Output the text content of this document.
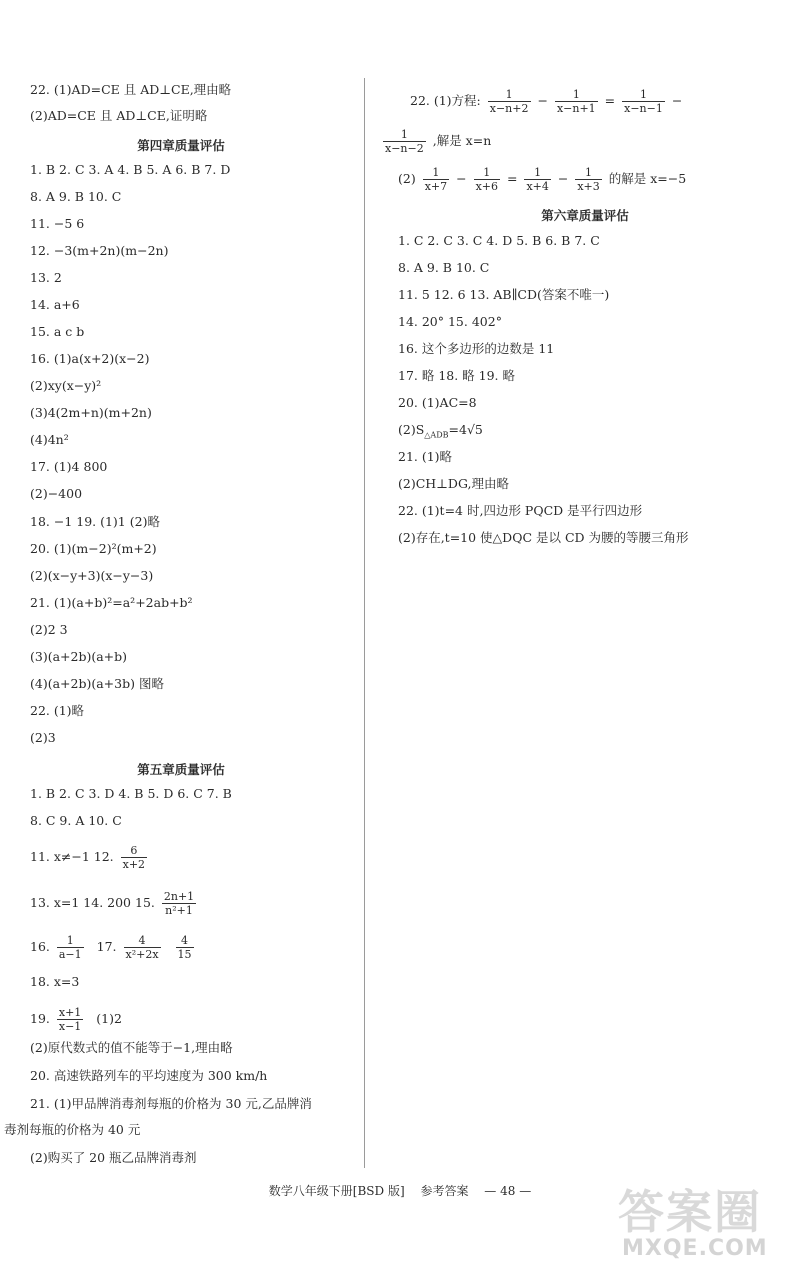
22. (1)AD=CE 且 AD⊥CE,理由略
(2)AD=CE 且 AD⊥CE,证明略
第四章质量评估
1. B 2. C 3. A 4. B 5. A 6. B 7. D
8. A 9. B 10. C
11. −5 6
12. −3(m+2n)(m−2n)
13. 2
14. a+6
15. a c b
16. (1)a(x+2)(x−2)
(2)xy(x−y)²
(3)4(2m+n)(m+2n)
(4)4n²
17. (1)4 800
(2)−400
18. −1 19. (1)1 (2)略
20. (1)(m−2)²(m+2)
(2)(x−y+3)(x−y−3)
21. (1)(a+b)²=a²+2ab+b²
(2)2 3
(3)(a+2b)(a+b)
(4)(a+2b)(a+3b) 图略
22. (1)略
(2)3
第五章质量评估
1. B 2. C 3. D 4. B 5. D 6. C 7. B
8. C 9. A 10. C
11. x≠−1 12. $\frac{6}{x+2}$
13. x=1 14. 200 15. $\frac{2n+1}{\text{n²+1}}$
16. $\frac{1}{a-1} 17$. $\frac{4}{\text{x²+2x}}$
$\frac{4}{15}$
18. x=3
19. $\frac{x+1}{x-1} (1)2$
(2)原代数式的值不能等于−1,理由略
20. 高速铁路列车的平均速度为 300 km/h
21. (1)甲品牌消毒剂每瓶的价格为 30 元,乙品牌消
毒剂每瓶的价格为 40 元
(2)购买了 20 瓶乙品牌消毒剂
22. (1)方程: $\frac{1}{x-n+2} - \frac{1}{x-n+1} = \frac{1}{x-n-1}$ −
$\frac{1}{x-n-2}$ ,解是 x=n
$(2) \frac{1}{x+7} - \frac{1}{x+6} = \frac{1}{x+4} - \frac{1}{x+3}$ 的解是 x=−5
第六章质量评估
1. C 2. C 3. C 4. D 5. B 6. B 7. C
8. A 9. B 10. C
11. 5 12. 6 13. AB∥CD(答案不唯一)
14. 20° 15. 402°
16. 这个多边形的边数是 11
17. 略 18. 略 19. 略
20. (1)AC=8
$(2)S_{\triangle ADB}=4√5$
21. (1)略
(2)CH⊥DG,理由略
22. (1)t=4 时,四边形 PQCD 是平行四边形
(2)存在,t=10 使△DQC 是以 CD 为腰的等腰三角形
数学八年级下册[BSD 版] 参考答案 — 48 —	答案圈
MXQE.COM
